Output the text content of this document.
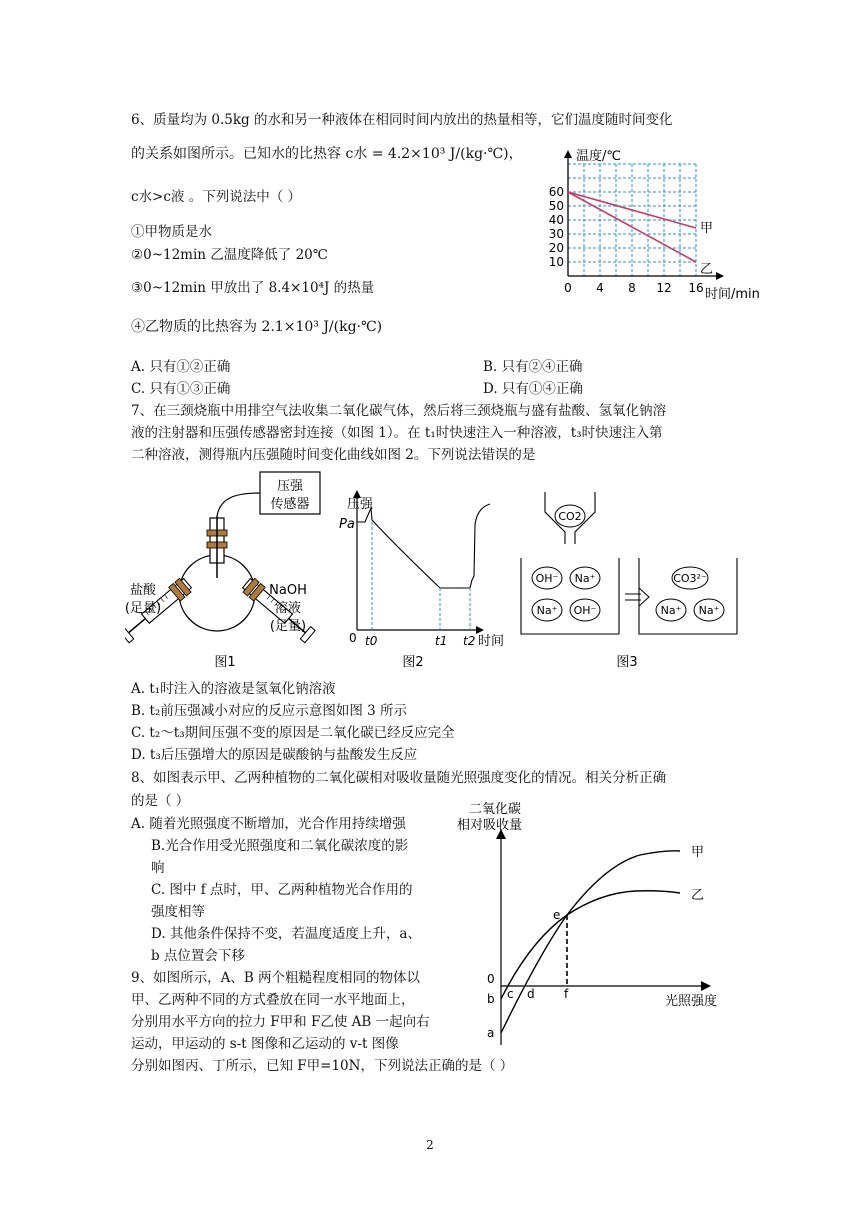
6、质量均为 0.5kg 的水和另一种液体在相同时间内放出的热量相等，它们温度随时间变化
的关系如图所示。已知水的比热容 c水 = 4.2×10³ J/(kg·℃)，
c水>c液 。下列说法中（ ）
①甲物质是水
②0~12min 乙温度降低了 20℃
③0~12min 甲放出了 8.4×10⁴J 的热量
④乙物质的比热容为 2.1×10³ J/(kg·℃)
A. 只有①②正确	B. 只有②④正确
C. 只有①③正确	D. 只有①④正确
温度/℃
时间/min
甲
乙
10
20
30
40
50
60
0 4 8 12 16
7、在三颈烧瓶中用排空气法收集二氧化碳气体，然后将三颈烧瓶与盛有盐酸、氢氧化钠溶
液的注射器和压强传感器密封连接（如图 1）。在 t₁时快速注入一种溶液，t₃时快速注入第
二种溶液，测得瓶内压强随时间变化曲线如图 2。下列说法错误的是
压强
传感器
盐酸
(足量)
NaOH
溶液
(足量)
图1
压强
Pa
0 t0	t1 t2 时间
图2
CO2
OH⁻ Na⁺
Na⁺ OH⁻
CO3²⁻
Na⁺ Na⁺
图3
A. t₁时注入的溶液是氢氧化钠溶液
B. t₂前压强减小对应的反应示意图如图 3 所示
C. t₂～t₃期间压强不变的原因是二氧化碳已经反应完全
D. t₃后压强增大的原因是碳酸钠与盐酸发生反应
8、如图表示甲、乙两种植物的二氧化碳相对吸收量随光照强度变化的情况。相关分析正确
的是（ ）
A. 随着光照强度不断增加，光合作用持续增强
B.光合作用受光照强度和二氧化碳浓度的影
响
C. 图中 f 点时，甲、乙两种植物光合作用的
强度相等
D. 其他条件保持不变，若温度适度上升，a、
b 点位置会下移
二氧化碳
相对吸收量
光照强度
甲
乙
e
0
b c d f
a
9、如图所示，A、B 两个粗糙程度相同的物体以
甲、乙两种不同的方式叠放在同一水平地面上，
分别用水平方向的拉力 F甲和 F乙使 AB 一起向右
运动，甲运动的 s-t 图像和乙运动的 v-t 图像
分别如图丙、丁所示，已知 F甲=10N，下列说法正确的是（ ）
2
